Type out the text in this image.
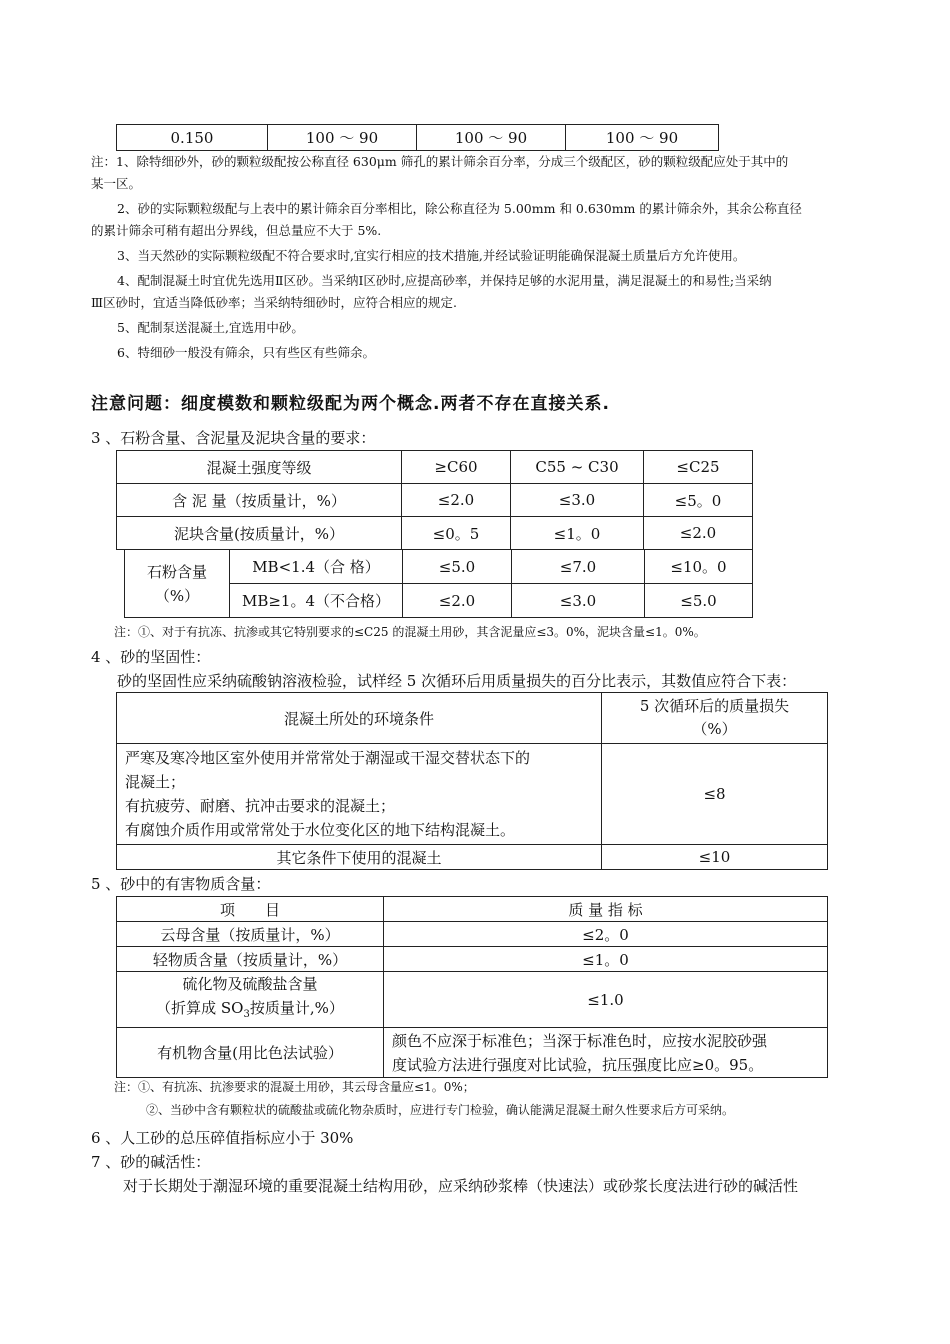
0.150	100 ～ 90	100 ～ 90	100 ～ 90
注：1、除特细砂外，砂的颗粒级配按公称直径 630μm 筛孔的累计筛余百分率，分成三个级配区，砂的颗粒级配应处于其中的
某一区。
2、砂的实际颗粒级配与上表中的累计筛余百分率相比，除公称直径为 5.00mm 和 0.630mm 的累计筛余外，其余公称直径
的累计筛余可稍有超出分界线，但总量应不大于 5%.
3、当天然砂的实际颗粒级配不符合要求时,宜实行相应的技术措施,并经试验证明能确保混凝土质量后方允许使用。
4、配制混凝土时宜优先选用Ⅱ区砂。当采纳Ⅰ区砂时,应提高砂率，并保持足够的水泥用量，满足混凝土的和易性;当采纳
Ⅲ区砂时，宜适当降低砂率；当采纳特细砂时，应符合相应的规定.
5、配制泵送混凝土,宜选用中砂。
6、特细砂一般没有筛余，只有些区有些筛余。
注意问题：细度模数和颗粒级配为两个概念.两者不存在直接关系.
3 、石粉含量、含泥量及泥块含量的要求：
混凝土强度等级	≥C60	C55 ~ C30	≤C25
含 泥 量（按质量计，%）	≤2.0	≤3.0	≤5。0
泥块含量(按质量计，%）	≤0。5	≤1。0	≤2.0
石粉含量
（%）	MB<1.4（合 格）	≤5.0	≤7.0	≤10。0
	MB≥1。4（不合格）	≤2.0	≤3.0	≤5.0
注：①、对于有抗冻、抗渗或其它特别要求的≤C25 的混凝土用砂，其含泥量应≤3。0%，泥块含量≤1。0%。
4 、砂的坚固性：
砂的坚固性应采纳硫酸钠溶液检验，试样经 5 次循环后用质量损失的百分比表示，其数值应符合下表：
混凝土所处的环境条件	5 次循环后的质量损失
（%）

严寒及寒冷地区室外使用并常常处于潮湿或干湿交替状态下的
混凝土；
有抗疲劳、耐磨、抗冲击要求的混凝土；
有腐蚀介质作用或常常处于水位变化区的地下结构混凝土。	≤8
其它条件下使用的混凝土	≤10
5 、砂中的有害物质含量：
项　　目	质 量 指 标
云母含量（按质量计，%）	≤2。0
轻物质含量（按质量计，%）	≤1。0

硫化物及硫酸盐含量
（折算成 $SO_3$按质量计,%）	≤1.0
有机物含量(用比色法试验）	颜色不应深于标准色；当深于标准色时，应按水泥胶砂强
度试验方法进行强度对比试验，抗压强度比应≥0。95。
注：①、有抗冻、抗渗要求的混凝土用砂，其云母含量应≤1。0%；
②、当砂中含有颗粒状的硫酸盐或硫化物杂质时，应进行专门检验，确认能满足混凝土耐久性要求后方可采纳。
6 、人工砂的总压碎值指标应小于 30%
7 、砂的碱活性：
对于长期处于潮湿环境的重要混凝土结构用砂，应采纳砂浆棒（快速法）或砂浆长度法进行砂的碱活性
